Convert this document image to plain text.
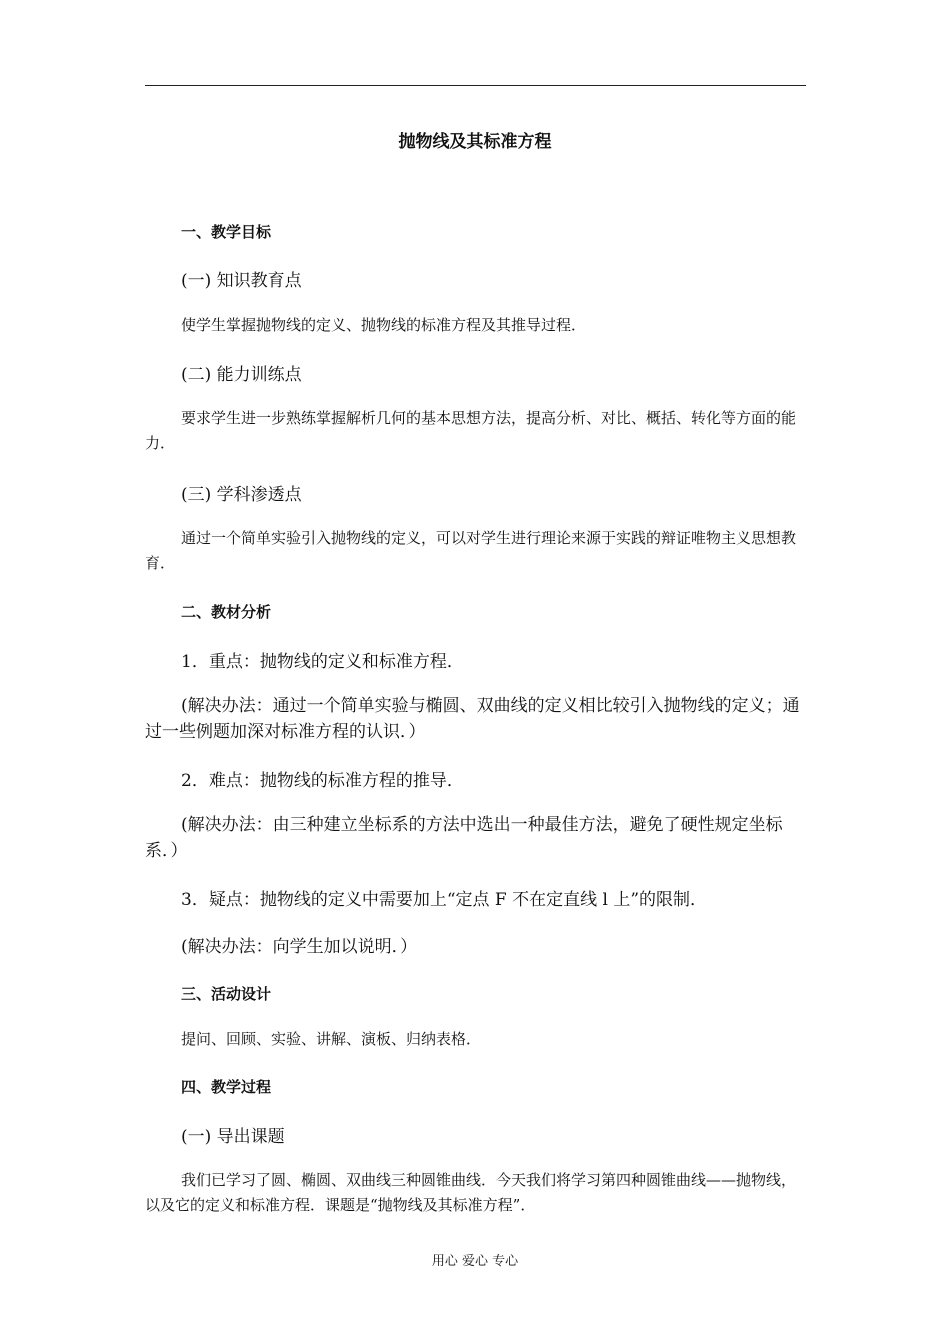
抛物线及其标准方程
一、教学目标
(一) 知识教育点
使学生掌握抛物线的定义、抛物线的标准方程及其推导过程．
(二) 能力训练点
要求学生进一步熟练掌握解析几何的基本思想方法，提高分析、对比、概括、转化等方面的能力．
(三) 学科渗透点
通过一个简单实验引入抛物线的定义，可以对学生进行理论来源于实践的辩证唯物主义思想教育．
二、教材分析
1．重点：抛物线的定义和标准方程．
(解决办法：通过一个简单实验与椭圆、双曲线的定义相比较引入抛物线的定义；通过一些例题加深对标准方程的认识．）
2．难点：抛物线的标准方程的推导．
(解决办法：由三种建立坐标系的方法中选出一种最佳方法，避免了硬性规定坐标系．）
3．疑点：抛物线的定义中需要加上“定点 F 不在定直线 l 上”的限制．
(解决办法：向学生加以说明．）
三、活动设计
提问、回顾、实验、讲解、演板、归纳表格．
四、教学过程
(一) 导出课题
我们已学习了圆、椭圆、双曲线三种圆锥曲线．今天我们将学习第四种圆锥曲线——抛物线，以及它的定义和标准方程．课题是“抛物线及其标准方程”．
用心 爱心 专心
